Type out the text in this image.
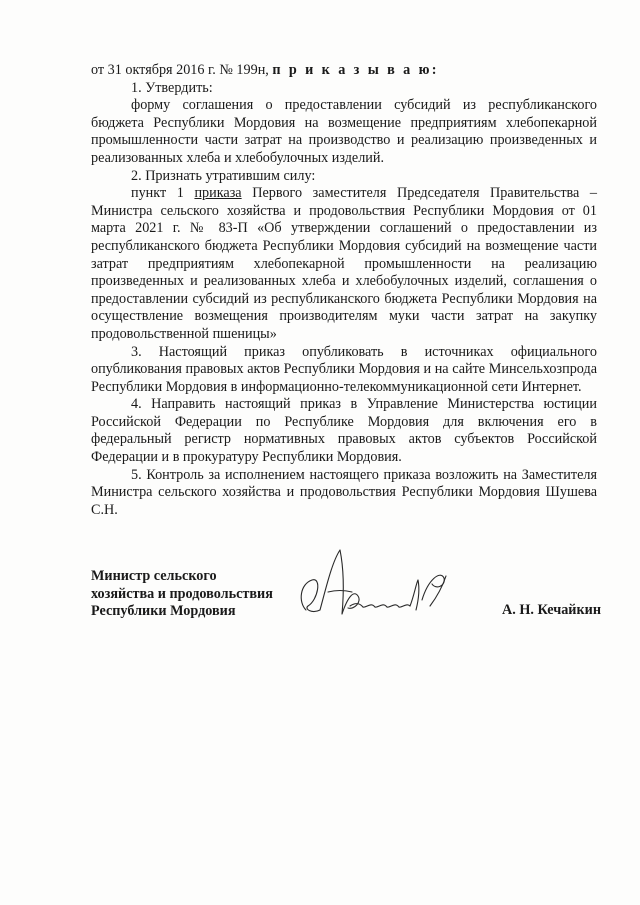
от 31 октября 2016 г. № 199н, п р и к а з ы в а ю:

1. Утвердить:

форму соглашения о предоставлении субсидий из республиканского бюджета Республики Мордовия на возмещение предприятиям хлебопекарной промышленности части затрат на производство и реализацию произведенных и реализованных хлеба и хлебобулочных изделий.

2. Признать утратившим силу:

пункт 1 приказа Первого заместителя Председателя Правительства – Министра сельского хозяйства и продовольствия Республики Мордовия от 01 марта 2021 г. № 83-П «Об утверждении соглашений о предоставлении из республиканского бюджета Республики Мордовия субсидий на возмещение части затрат предприятиям хлебопекарной промышленности на реализацию произведенных и реализованных хлеба и хлебобулочных изделий, соглашения о предоставлении субсидий из республиканского бюджета Республики Мордовия на осуществление возмещения производителям муки части затрат на закупку продовольственной пшеницы»

3. Настоящий приказ опубликовать в источниках официального опубликования правовых актов Республики Мордовия и на сайте Минсельхозпрода Республики Мордовия в информационно-телекоммуникационной сети Интернет.

4. Направить настоящий приказ в Управление Министерства юстиции Российской Федерации по Республике Мордовия для включения его в федеральный регистр нормативных правовых актов субъектов Российской Федерации и в прокуратуру Республики Мордовия.

5. Контроль за исполнением настоящего приказа возложить на Заместителя Министра сельского хозяйства и продовольствия Республики Мордовия Шушева С.Н.

Министр сельского
хозяйства и продовольствия
Республики Мордовия	А. Н. Кечайкин
